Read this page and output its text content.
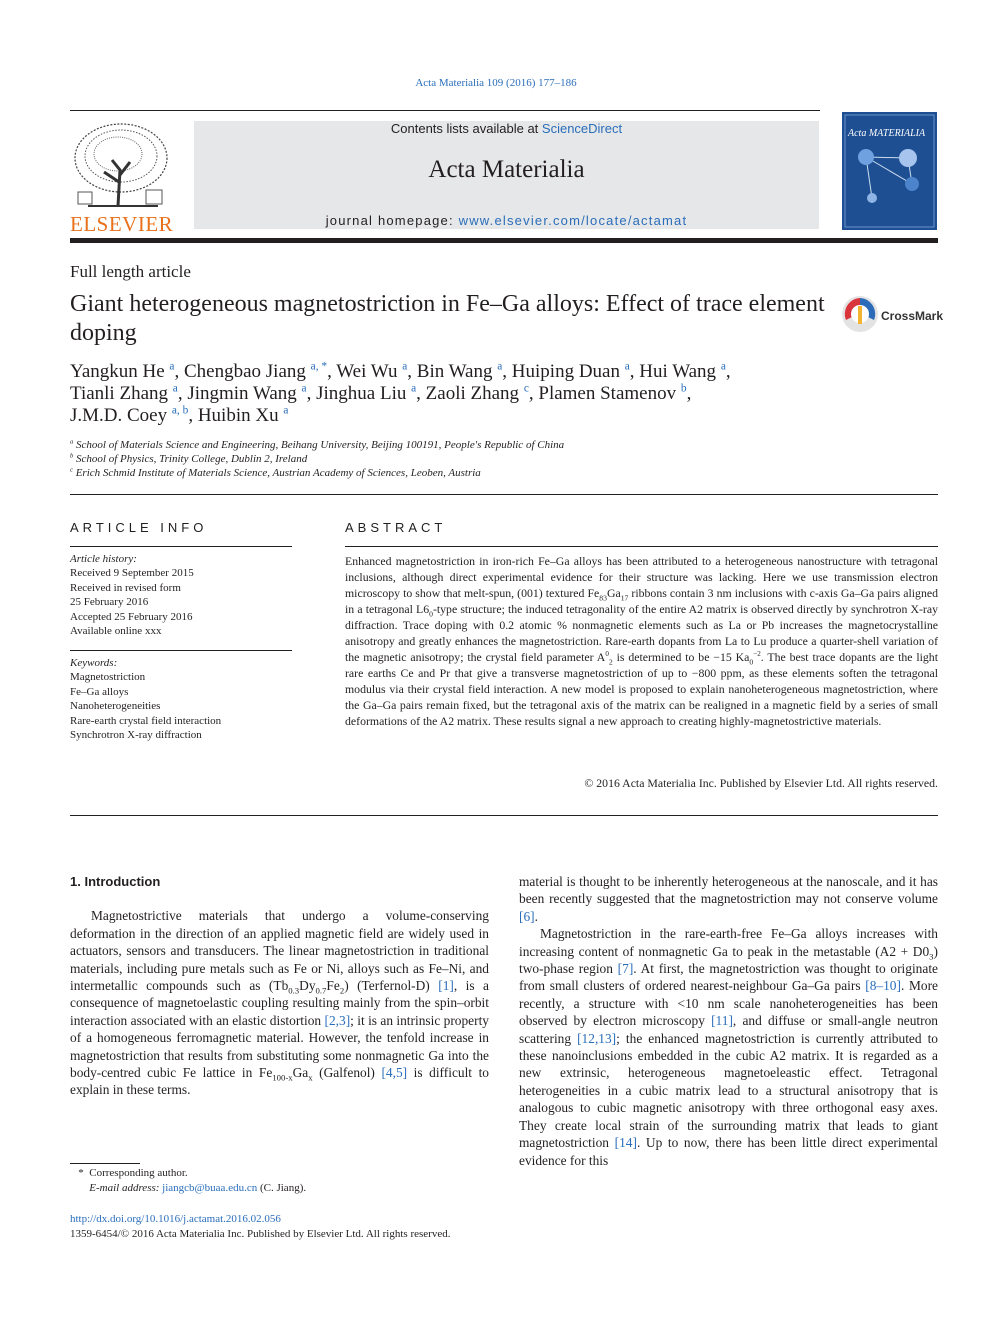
Acta Materialia 109 (2016) 177–186
ELSEVIER
Contents lists available at ScienceDirect
Acta Materialia
journal homepage: www.elsevier.com/locate/actamat
Acta MATERIALIA
Full length article
Giant heterogeneous magnetostriction in Fe–Ga alloys: Effect of trace element doping
CrossMark
Yangkun He $^a$, Chengbao Jiang $^{a, *}$, Wei Wu $^a$, Bin Wang $^a$, Huiping Duan $^a$, Hui Wang $^a$,
Tianli Zhang $^a$, Jingmin Wang $^a$, Jinghua Liu $^a$, Zaoli Zhang $^c$, Plamen Stamenov $^b$,
J.M.D. Coey $^{a, b}$, Huibin Xu $^a$
$^a$ School of Materials Science and Engineering, Beihang University, Beijing 100191, People's Republic of China
$^b$ School of Physics, Trinity College, Dublin 2, Ireland
$^c$ Erich Schmid Institute of Materials Science, Austrian Academy of Sciences, Leoben, Austria
ARTICLE INFO	ABSTRACT
Article history:
Received 9 September 2015
Received in revised form
25 February 2016
Accepted 25 February 2016
Available online xxx
Keywords:
Magnetostriction
Fe–Ga alloys
Nanoheterogeneities
Rare-earth crystal field interaction
Synchrotron X-ray diffraction
Enhanced magnetostriction in iron-rich Fe–Ga alloys has been attributed to a heterogeneous nanostructure with tetragonal inclusions, although direct experimental evidence for their structure was lacking. Here we use transmission electron microscopy to show that melt-spun, (001) textured $Fe_{83}Ga_{17}$ ribbons contain 3 nm inclusions with c-axis Ga–Ga pairs aligned in a tetragonal $L6_0$-type structure; the induced tetragonality of the entire A2 matrix is observed directly by synchrotron X-ray diffraction. Trace doping with 0.2 atomic % nonmagnetic elements such as La or Pb increases the magnetocrystalline anisotropy and greatly enhances the magnetostriction. Rare-earth dopants from La to Lu produce a quarter-shell variation of the magnetic anisotropy; the crystal field parameter $A^0_2$ is determined to be −15 $Ka_0^{-2}$. The best trace dopants are the light rare earths Ce and Pr that give a transverse magnetostriction of up to −800 ppm, as these elements soften the tetragonal modulus via their crystal field interaction. A new model is proposed to explain nanoheterogeneous magnetostriction, where the Ga–Ga pairs remain fixed, but the tetragonal axis of the matrix can be realigned in a magnetic field by a series of small deformations of the A2 matrix. These results signal a new approach to creating highly-magnetostrictive materials.
© 2016 Acta Materialia Inc. Published by Elsevier Ltd. All rights reserved.
1. Introduction

Magnetostrictive materials that undergo a volume-conserving deformation in the direction of an applied magnetic field are widely used in actuators, sensors and transducers. The linear magnetostriction in traditional materials, including pure metals such as Fe or Ni, alloys such as Fe–Ni, and intermetallic compounds such as $(Tb_{0.3}Dy_{0.7}Fe_2)$ (Terfernol-D) [1], is a consequence of magnetoelastic coupling resulting mainly from the spin–orbit interaction associated with an elastic distortion [2,3]; it is an intrinsic property of a homogeneous ferromagnetic material. However, the tenfold increase in magnetostriction that results from substituting some nonmagnetic Ga into the body-centred cubic Fe lattice in $Fe_{100-x}Ga_x$ (Galfenol) [4,5] is difficult to explain in these terms.

material is thought to be inherently heterogeneous at the nanoscale, and it has been recently suggested that the magnetostriction may not conserve volume [6].

Magnetostriction in the rare-earth-free Fe–Ga alloys increases with increasing content of nonmagnetic Ga to peak in the metastable $(A2 + D0_3)$ two-phase region [7]. At first, the magnetostriction was thought to originate from small clusters of ordered nearest-neighbour Ga–Ga pairs [8–10]. More recently, a structure with <10 nm scale nanoheterogeneities has been observed by electron microscopy [11], and diffuse or small-angle neutron scattering [12,13]; the enhanced magnetostriction is currently attributed to these nanoinclusions embedded in the cubic A2 matrix. It is regarded as a new extrinsic, heterogeneous magnetoeleastic effect. Tetragonal heterogeneities in a cubic matrix lead to a structural anisotropy that is analogous to cubic magnetic anisotropy with three orthogonal easy axes. They create local strain of the surrounding matrix that leads to giant magnetostriction [14]. Up to now, there has been little direct experimental evidence for this

* Corresponding author.
E-mail address: jiangcb@buaa.edu.cn (C. Jiang).
http://dx.doi.org/10.1016/j.actamat.2016.02.056
1359-6454/© 2016 Acta Materialia Inc. Published by Elsevier Ltd. All rights reserved.
